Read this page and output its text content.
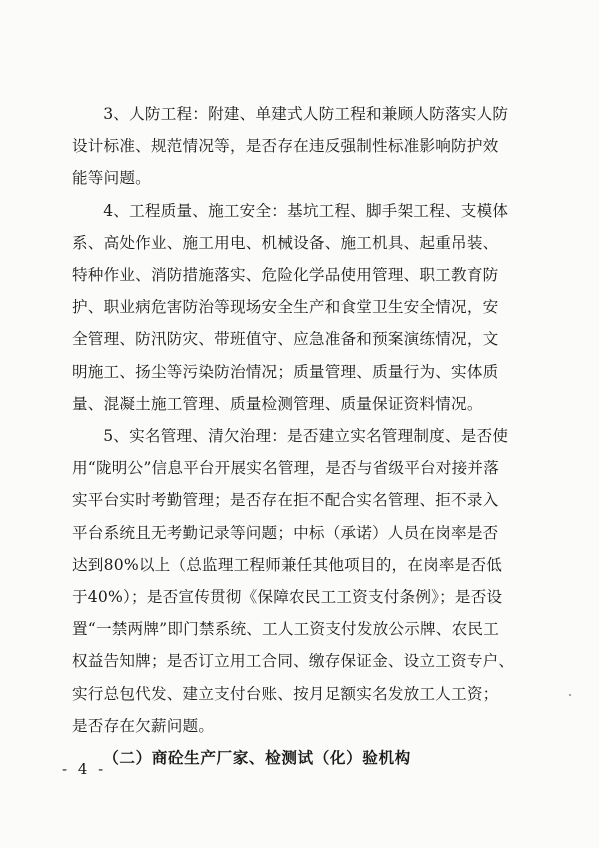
3、人防工程：附建、单建式人防工程和兼顾人防落实人防
设计标准、规范情况等，是否存在违反强制性标准影响防护效
能等问题。

4、工程质量、施工安全：基坑工程、脚手架工程、支模体
系、高处作业、施工用电、机械设备、施工机具、起重吊装、
特种作业、消防措施落实、危险化学品使用管理、职工教育防
护、职业病危害防治等现场安全生产和食堂卫生安全情况，安
全管理、防汛防灾、带班值守、应急准备和预案演练情况，文
明施工、扬尘等污染防治情况；质量管理、质量行为、实体质
量、混凝土施工管理、质量检测管理、质量保证资料情况。

5、实名管理、清欠治理：是否建立实名管理制度、是否使
用“陇明公”信息平台开展实名管理，是否与省级平台对接并落
实平台实时考勤管理；是否存在拒不配合实名管理、拒不录入
平台系统且无考勤记录等问题；中标（承诺）人员在岗率是否
达到80%以上（总监理工程师兼任其他项目的，在岗率是否低
于40%）；是否宣传贯彻《保障农民工工资支付条例》；是否设
置“一禁两牌”即门禁系统、工人工资支付发放公示牌、农民工
权益告知牌；是否订立用工合同、缴存保证金、设立工资专户、
实行总包代发、建立支付台账、按月足额实名发放工人工资；
是否存在欠薪问题。

（二）商砼生产厂家、检测试（化）验机构

- 4 -
